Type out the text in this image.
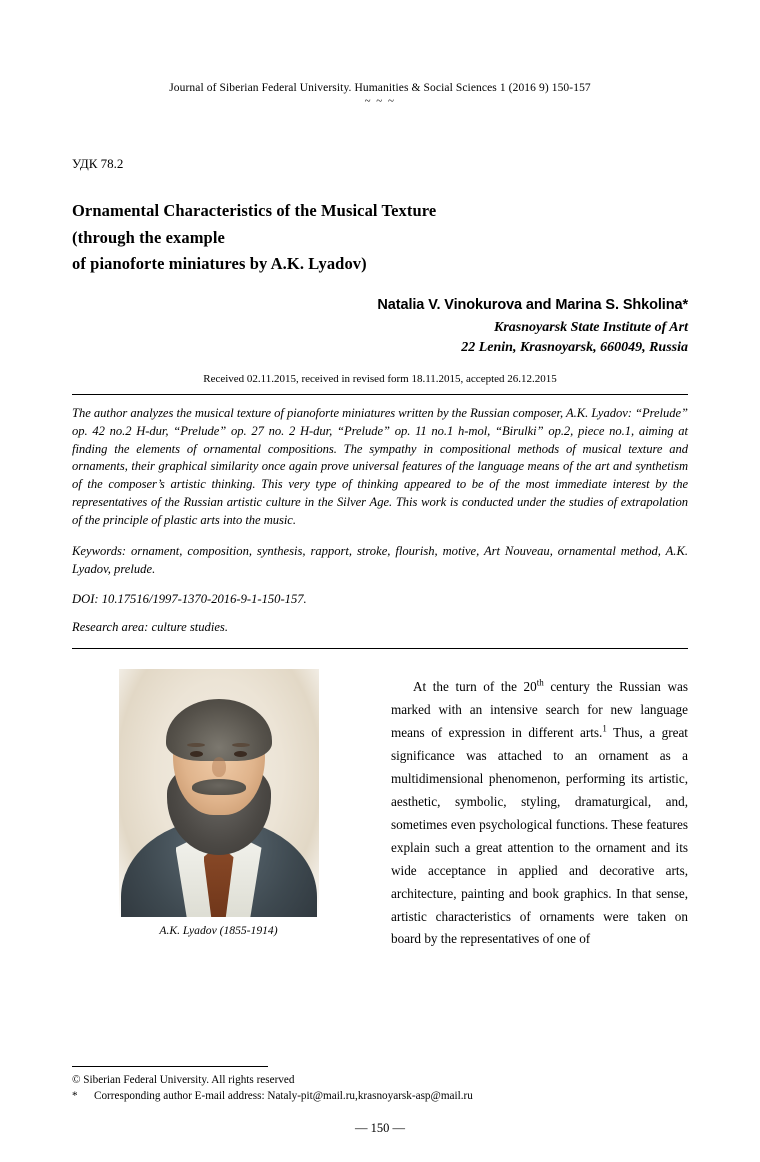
Journal of Siberian Federal University. Humanities & Social Sciences 1 (2016 9) 150-157
~ ~ ~
УДК 78.2
Ornamental Characteristics of the Musical Texture
(through the example
of pianoforte miniatures by A.K. Lyadov)
Natalia V. Vinokurova and Marina S. Shkolina*
Krasnoyarsk State Institute of Art
22 Lenin, Krasnoyarsk, 660049, Russia
Received 02.11.2015, received in revised form 18.11.2015, accepted 26.12.2015
The author analyzes the musical texture of pianoforte miniatures written by the Russian composer, A.K. Lyadov: “Prelude” op. 42 no.2 H-dur, “Prelude” op. 27 no. 2 H-dur, “Prelude” op. 11 no.1 h-mol, “Birulki” op.2, piece no.1, aiming at finding the elements of ornamental compositions. The sympathy in compositional methods of musical texture and ornaments, their graphical similarity once again prove universal features of the language means of the art and synthetism of the composer’s artistic thinking. This very type of thinking appeared to be of the most immediate interest by the representatives of the Russian artistic culture in the Silver Age. This work is conducted under the studies of extrapolation of the principle of plastic arts into the music.
Keywords: ornament, composition, synthesis, rapport, stroke, flourish, motive, Art Nouveau, ornamental method, A.K. Lyadov, prelude.
DOI: 10.17516/1997-1370-2016-9-1-150-157.
Research area: culture studies.
A.K. Lyadov (1855-1914)

At the turn of the 20th century the Russian was marked with an intensive search for new language means of expression in different arts.$^1$ Thus, a great significance was attached to an ornament as a multidimensional phenomenon, performing its artistic, aesthetic, symbolic, styling, dramaturgical, and, sometimes even psychological functions. These features explain such a great attention to the ornament and its wide acceptance in applied and decorative arts, architecture, painting and book graphics. In that sense, artistic characteristics of ornaments were taken on board by the representatives of one of

© Siberian Federal University. All rights reserved
* Corresponding author E-mail address: Nataly-pit@mail.ru,krasnoyarsk-asp@mail.ru
— 150 —
